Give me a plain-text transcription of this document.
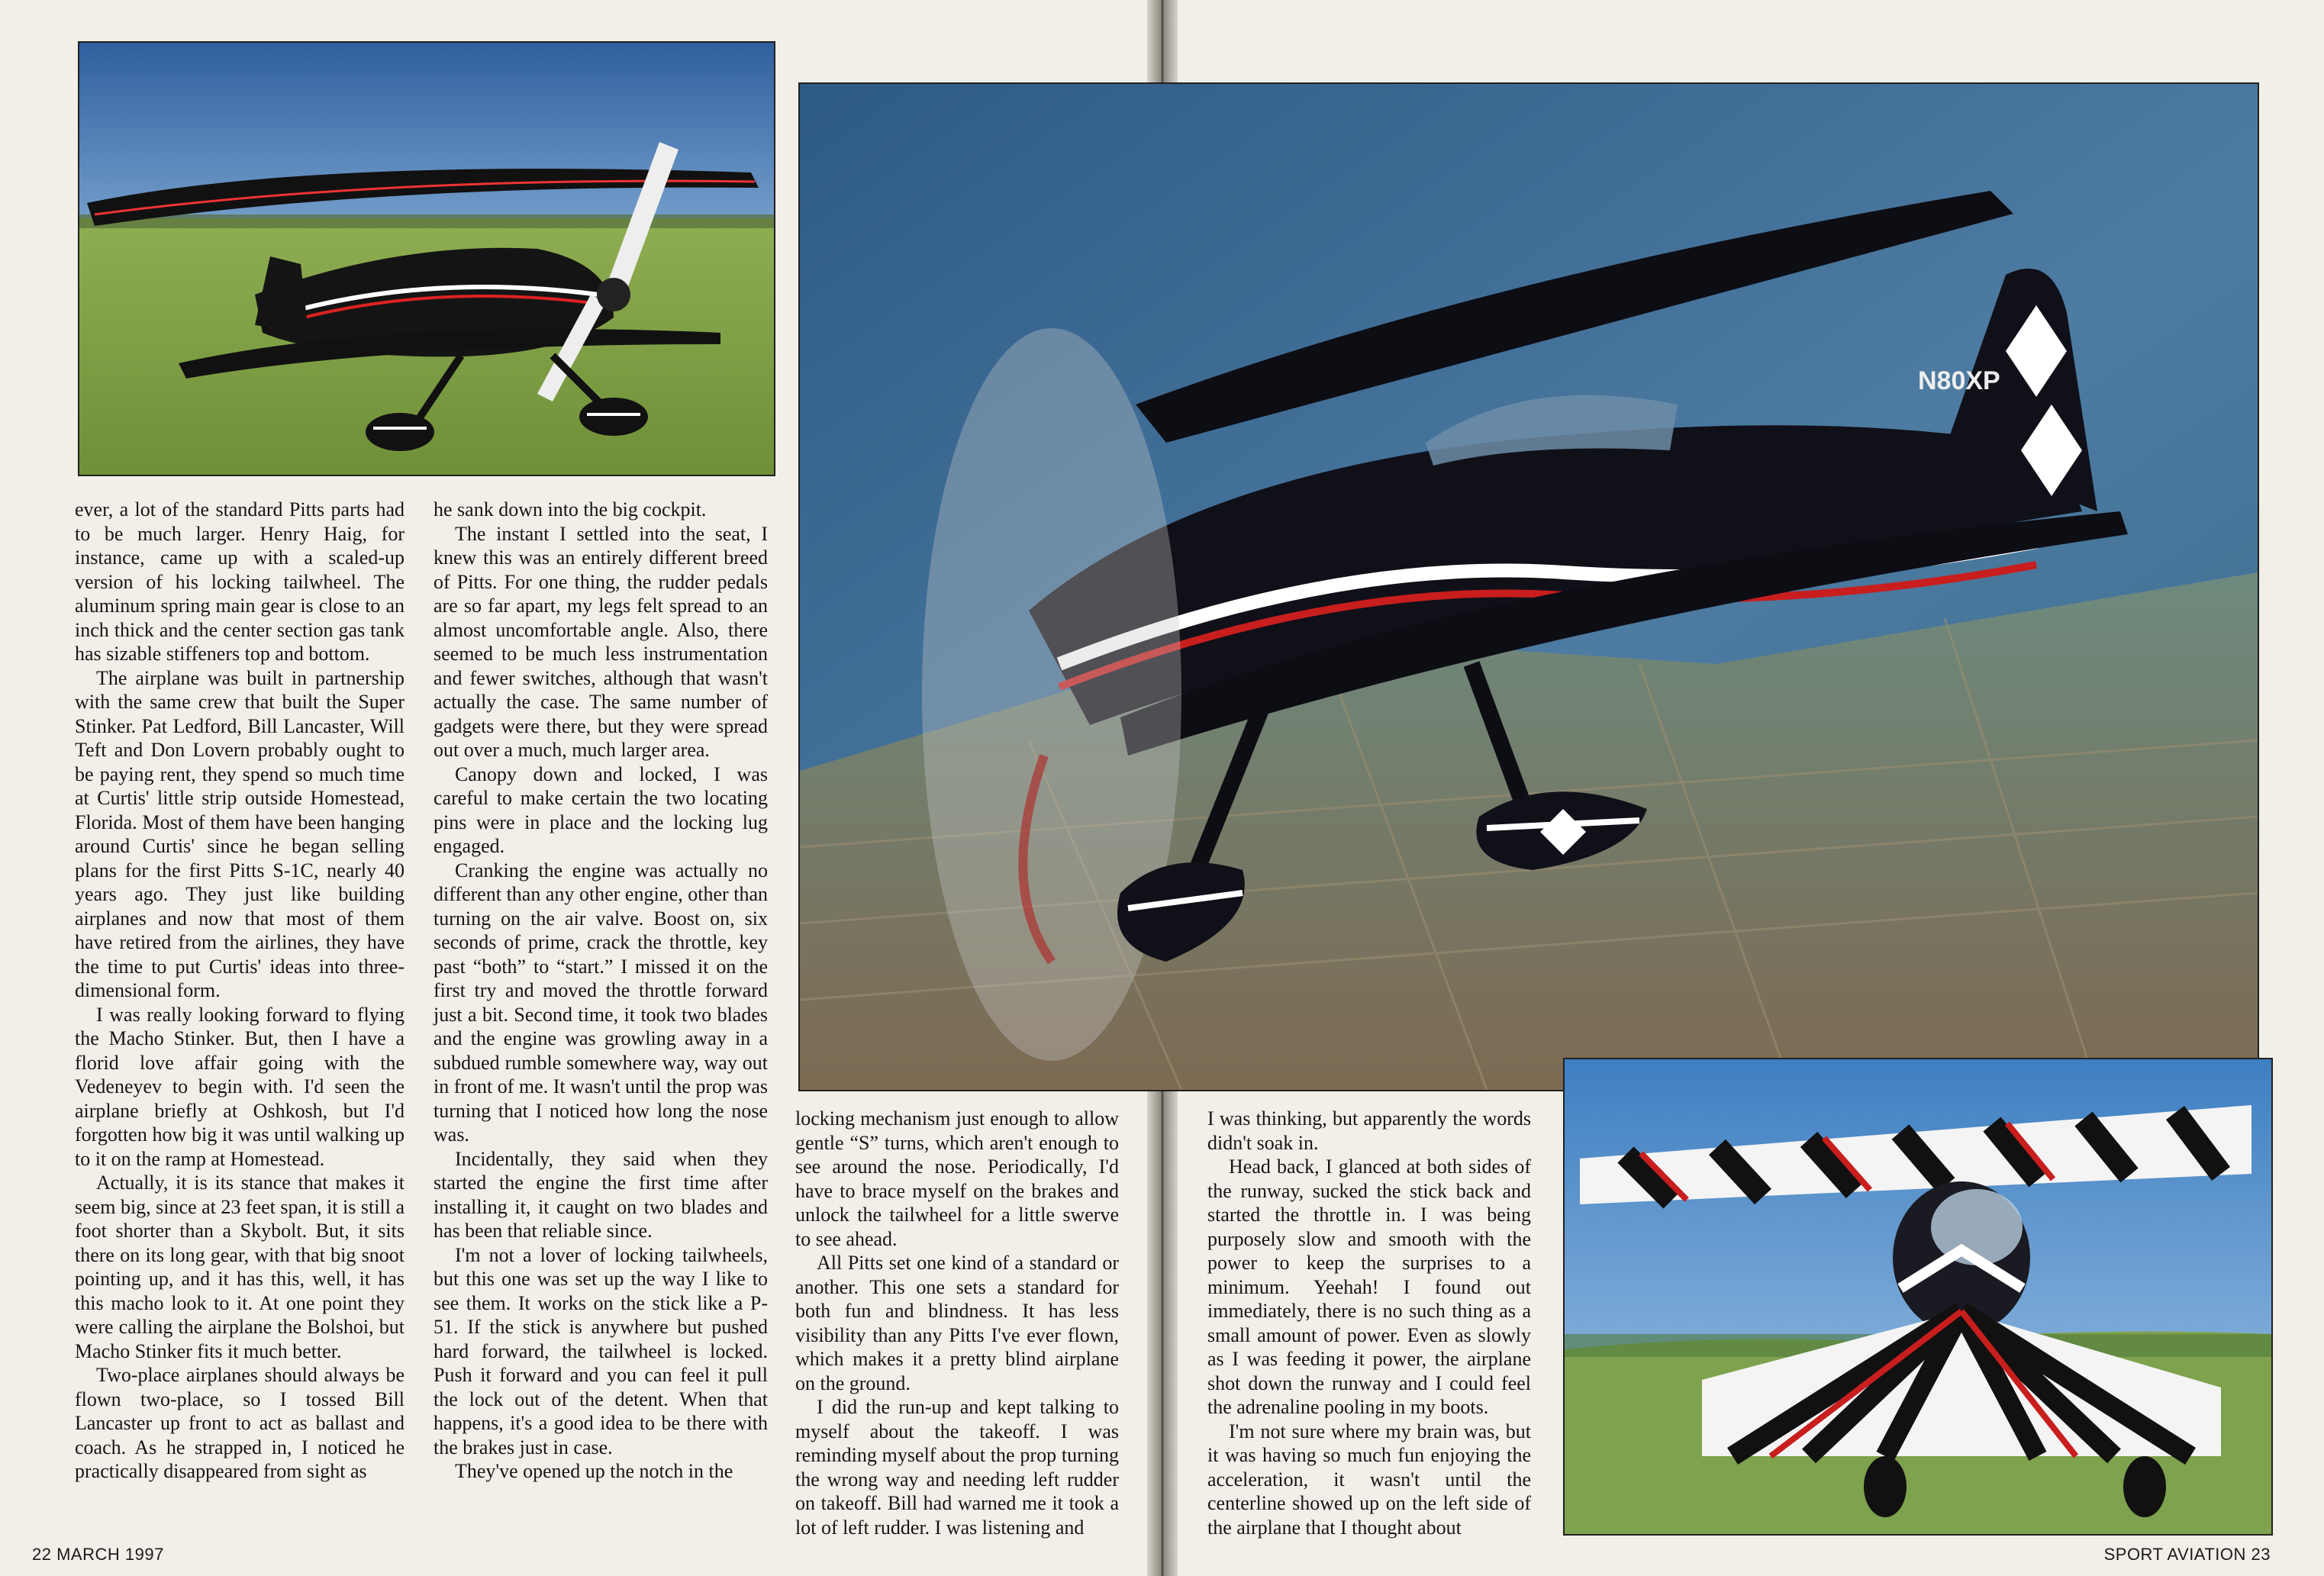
N80XP

ever, a lot of the standard Pitts parts had to be much larger. Henry Haig, for instance, came up with a scaled-up version of his locking tailwheel. The aluminum spring main gear is close to an inch thick and the center section gas tank has sizable stiffeners top and bottom.

The airplane was built in partnership with the same crew that built the Super Stinker. Pat Ledford, Bill Lancaster, Will Teft and Don Lovern probably ought to be paying rent, they spend so much time at Curtis' little strip outside Homestead, Florida. Most of them have been hanging around Curtis' since he began selling plans for the first Pitts S-1C, nearly 40 years ago. They just like building airplanes and now that most of them have retired from the airlines, they have the time to put Curtis' ideas into three-dimensional form.

I was really looking forward to flying the Macho Stinker. But, then I have a florid love affair going with the Vedeneyev to begin with. I'd seen the airplane briefly at Oshkosh, but I'd forgotten how big it was until walking up to it on the ramp at Homestead.

Actually, it is its stance that makes it seem big, since at 23 feet span, it is still a foot shorter than a Skybolt. But, it sits there on its long gear, with that big snoot pointing up, and it has this, well, it has this macho look to it. At one point they were calling the airplane the Bolshoi, but Macho Stinker fits it much better.

Two-place airplanes should always be flown two-place, so I tossed Bill Lancaster up front to act as ballast and coach. As he strapped in, I noticed he practically disappeared from sight as

he sank down into the big cockpit.

The instant I settled into the seat, I knew this was an entirely different breed of Pitts. For one thing, the rudder pedals are so far apart, my legs felt spread to an almost uncomfortable angle. Also, there seemed to be much less instrumentation and fewer switches, although that wasn't actually the case. The same number of gadgets were there, but they were spread out over a much, much larger area.

Canopy down and locked, I was careful to make certain the two locating pins were in place and the locking lug engaged.

Cranking the engine was actually no different than any other engine, other than turning on the air valve. Boost on, six seconds of prime, crack the throttle, key past “both” to “start.” I missed it on the first try and moved the throttle forward just a bit. Second time, it took two blades and the engine was growling away in a subdued rumble somewhere way, way out in front of me. It wasn't until the prop was turning that I noticed how long the nose was.

Incidentally, they said when they started the engine the first time after installing it, it caught on two blades and has been that reliable since.

I'm not a lover of locking tailwheels, but this one was set up the way I like to see them. It works on the stick like a P-51. If the stick is anywhere but pushed hard forward, the tailwheel is locked. Push it forward and you can feel it pull the lock out of the detent. When that happens, it's a good idea to be there with the brakes just in case.

They've opened up the notch in the

locking mechanism just enough to allow gentle “S” turns, which aren't enough to see around the nose. Periodically, I'd have to brace myself on the brakes and unlock the tailwheel for a little swerve to see ahead.

All Pitts set one kind of a standard or another. This one sets a standard for both fun and blindness. It has less visibility than any Pitts I've ever flown, which makes it a pretty blind airplane on the ground.

I did the run-up and kept talking to myself about the takeoff. I was reminding myself about the prop turning the wrong way and needing left rudder on takeoff. Bill had warned me it took a lot of left rudder. I was listening and

I was thinking, but apparently the words didn't soak in.

Head back, I glanced at both sides of the runway, sucked the stick back and started the throttle in. I was being purposely slow and smooth with the power to keep the surprises to a minimum. Yeehah! I found out immediately, there is no such thing as a small amount of power. Even as slowly as I was feeding it power, the airplane shot down the runway and I could feel the adrenaline pooling in my boots.

I'm not sure where my brain was, but it was having so much fun enjoying the acceleration, it wasn't until the centerline showed up on the left side of the airplane that I thought about

22 MARCH 1997	SPORT AVIATION 23
